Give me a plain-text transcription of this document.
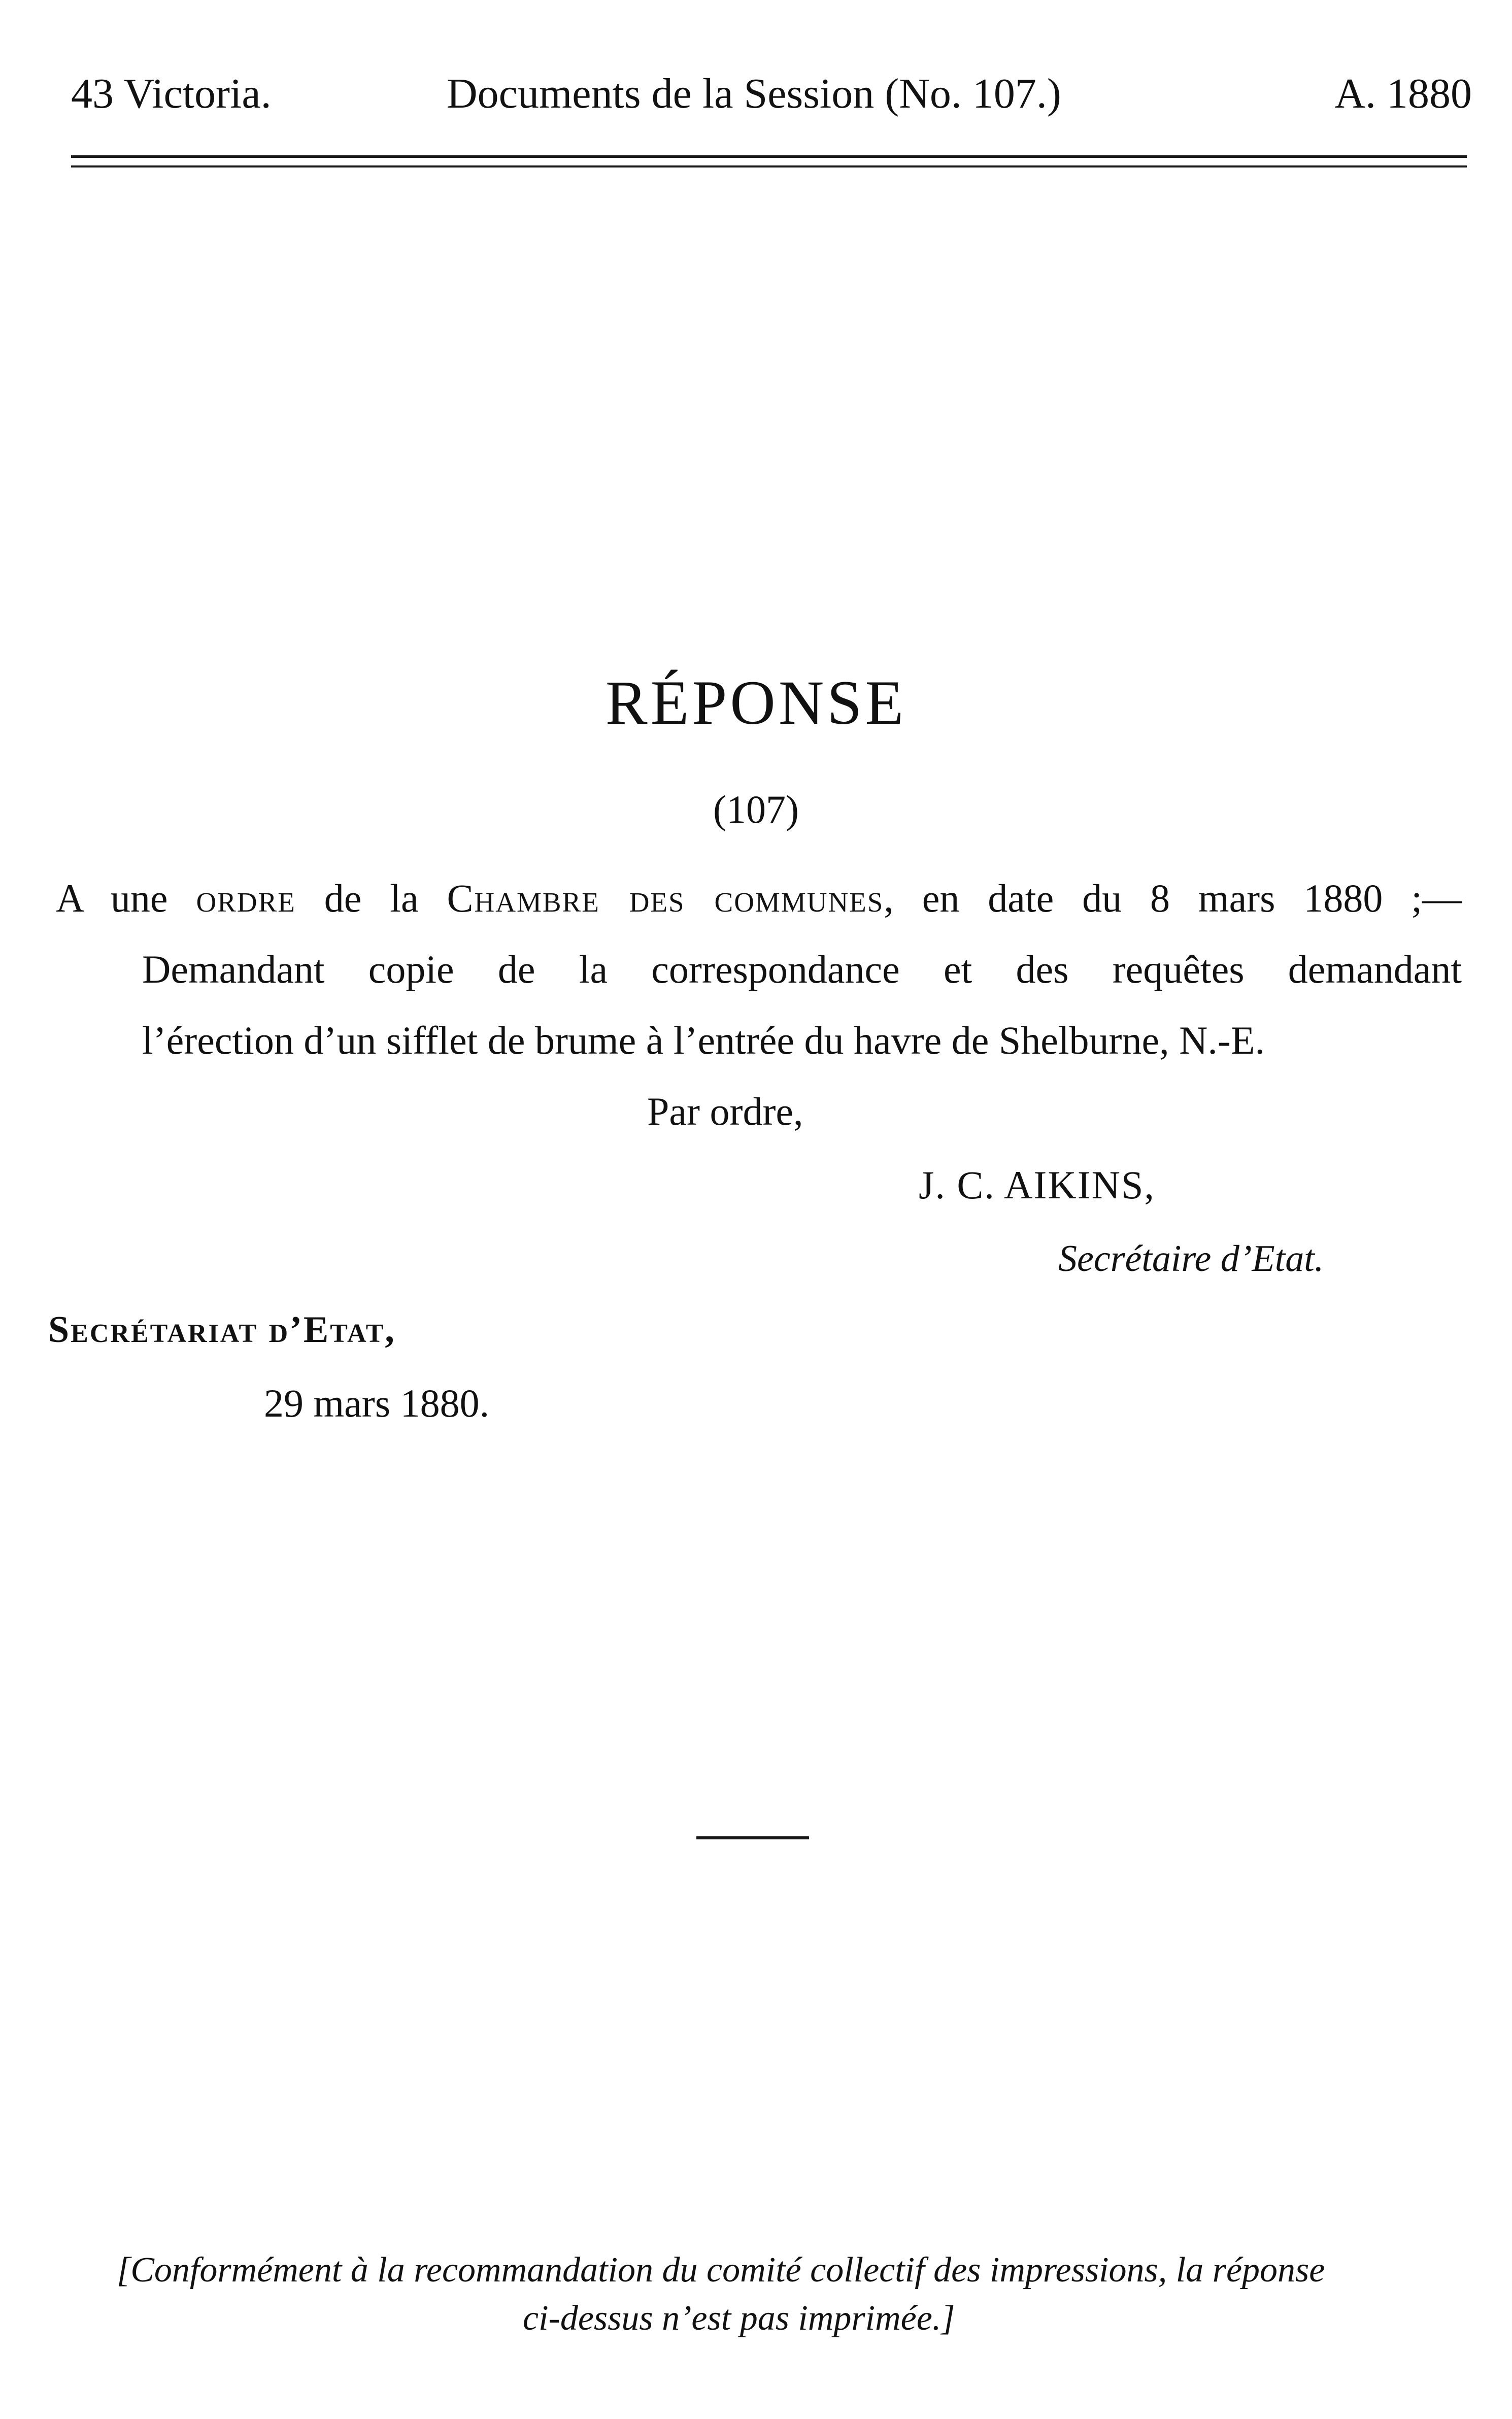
43 Victoria.	Documents de la Session (No. 107.)	A. 1880
RÉPONSE
(107)
A une ordre de la Chambre des communes, en date du 8 mars 1880 ;—
Demandant copie de la correspondance et des requêtes demandant
l’érection d’un sifflet de brume à l’entrée du havre de Shelburne, N.-E.
Par ordre,
J. C. AIKINS,
Secrétaire d’Etat.
Secrétariat d’Etat,
29 mars 1880.
[Conformément à la recommandation du comité collectif des impressions, la réponse
ci-dessus n’est pas imprimée.]
